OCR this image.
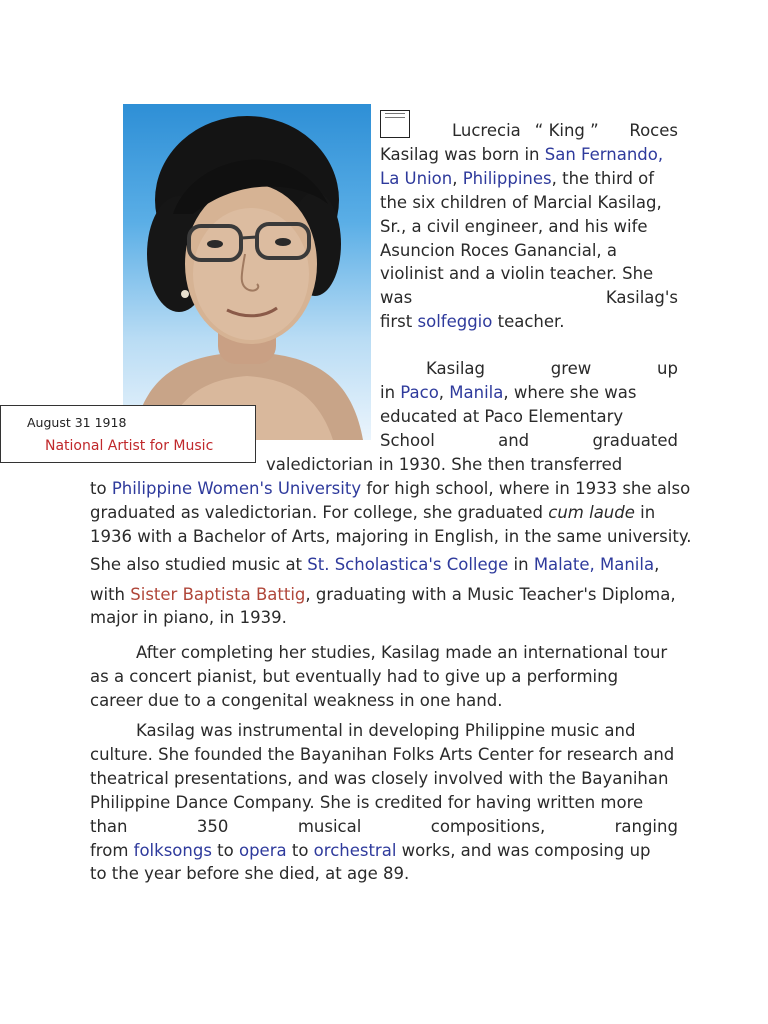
August 31 1918
National Artist for Music
Lucrecia “ King ” Roces
Kasilag was born in San Fernando,
La Union, Philippines, the third of
the six children of Marcial Kasilag,
Sr., a civil engineer, and his wife
Asuncion Roces Ganancial, a
violinist and a violin teacher. She
was	Kasilag's
first solfeggio teacher.
Kasilag	grew	up
in Paco, Manila, where she was
educated at Paco Elementary
School	and	graduated
valedictorian in 1930. She then transferred
to Philippine Women's University for high school, where in 1933 she also
graduated as valedictorian. For college, she graduated cum laude in
1936 with a Bachelor of Arts, majoring in English, in the same university.
She also studied music at St. Scholastica's College in Malate, Manila,
with Sister Baptista Battig, graduating with a Music Teacher's Diploma,
major in piano, in 1939.
After completing her studies, Kasilag made an international tour
as a concert pianist, but eventually had to give up a performing
career due to a congenital weakness in one hand.
Kasilag was instrumental in developing Philippine music and
culture. She founded the Bayanihan Folks Arts Center for research and
theatrical presentations, and was closely involved with the Bayanihan
Philippine Dance Company. She is credited for having written more
than	350	musical	compositions,	ranging
from folksongs to opera to orchestral works, and was composing up
to the year before she died, at age 89.
